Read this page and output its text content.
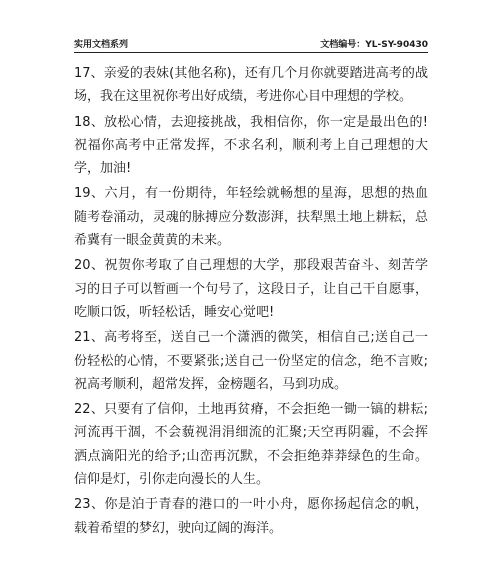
实用文档系列	文档编号：YL-SY-90430

17、亲爱的表妹(其他名称)，还有几个月你就要踏进高考的战场，我在这里祝你考出好成绩，考进你心目中理想的学校。

18、放松心情，去迎接挑战，我相信你，你一定是最出色的!祝福你高考中正常发挥，不求名利，顺利考上自己理想的大学，加油!

19、六月，有一份期待，年轻绘就畅想的星海，思想的热血随考卷涌动，灵魂的脉搏应分数澎湃，扶犁黑土地上耕耘，总希冀有一眼金黄黄的未来。

20、祝贺你考取了自己理想的大学，那段艰苦奋斗、刻苦学习的日子可以暂画一个句号了，这段日子，让自己干自愿事，吃顺口饭，听轻松话，睡安心觉吧!

21、高考将至，送自己一个潇洒的微笑，相信自己;送自己一份轻松的心情，不要紧张;送自己一份坚定的信念，绝不言败;祝高考顺利，超常发挥，金榜题名，马到功成。

22、只要有了信仰，土地再贫瘠，不会拒绝一锄一镐的耕耘;河流再干涸，不会藐视涓涓细流的汇聚;天空再阴霾，不会挥洒点滴阳光的给予;山峦再沉默，不会拒绝莽莽绿色的生命。信仰是灯，引你走向漫长的人生。

23、你是泊于青春的港口的一叶小舟，愿你扬起信念的帆，载着希望的梦幻，驶向辽阔的海洋。
